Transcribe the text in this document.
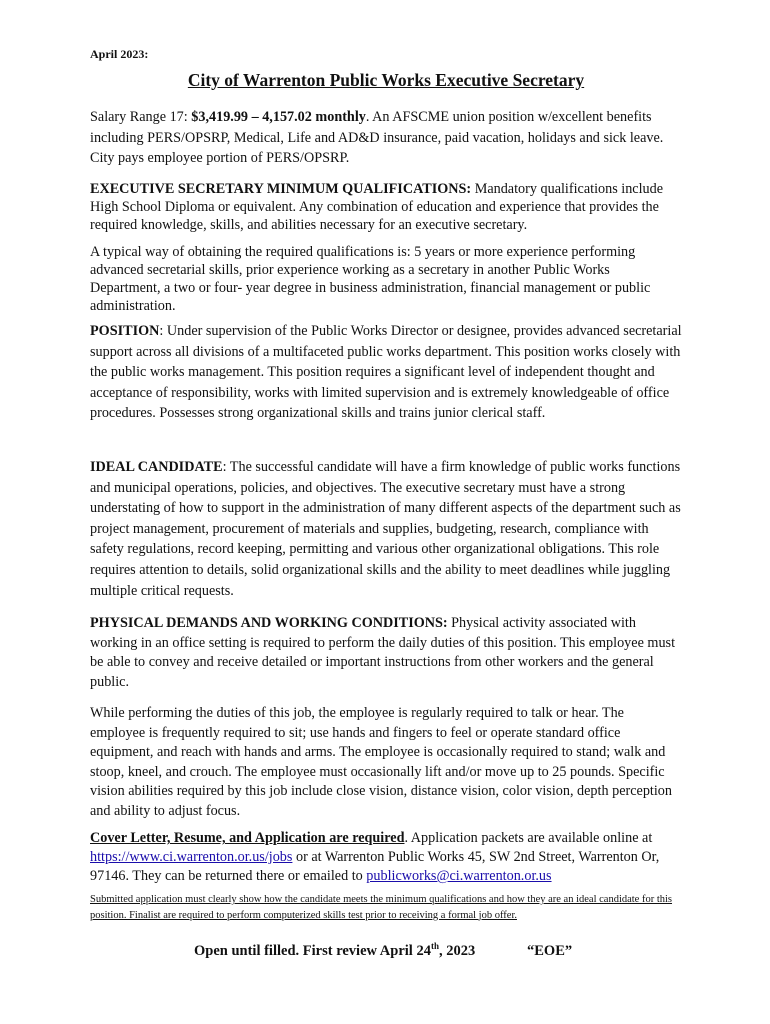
April 2023:
City of Warrenton Public Works Executive Secretary

Salary Range 17: $3,419.99 – 4,157.02 monthly. An AFSCME union position w/excellent benefits including PERS/OPSRP, Medical, Life and AD&D insurance, paid vacation, holidays and sick leave. City pays employee portion of PERS/OPSRP.

EXECUTIVE SECRETARY MINIMUM QUALIFICATIONS: Mandatory qualifications include High School Diploma or equivalent. Any combination of education and experience that provides the required knowledge, skills, and abilities necessary for an executive secretary.

A typical way of obtaining the required qualifications is: 5 years or more experience performing advanced secretarial skills, prior experience working as a secretary in another Public Works Department, a two or four- year degree in business administration, financial management or public administration.

POSITION: Under supervision of the Public Works Director or designee, provides advanced secretarial support across all divisions of a multifaceted public works department. This position works closely with the public works management. This position requires a significant level of independent thought and acceptance of responsibility, works with limited supervision and is extremely knowledgeable of office procedures. Possesses strong organizational skills and trains junior clerical staff.

IDEAL CANDIDATE: The successful candidate will have a firm knowledge of public works functions and municipal operations, policies, and objectives. The executive secretary must have a strong understating of how to support in the administration of many different aspects of the department such as project management, procurement of materials and supplies, budgeting, research, compliance with safety regulations, record keeping, permitting and various other organizational obligations. This role requires attention to details, solid organizational skills and the ability to meet deadlines while juggling multiple critical requests.

PHYSICAL DEMANDS AND WORKING CONDITIONS: Physical activity associated with working in an office setting is required to perform the daily duties of this position. This employee must be able to convey and receive detailed or important instructions from other workers and the general public.

While performing the duties of this job, the employee is regularly required to talk or hear. The employee is frequently required to sit; use hands and fingers to feel or operate standard office equipment, and reach with hands and arms. The employee is occasionally required to stand; walk and stoop, kneel, and crouch. The employee must occasionally lift and/or move up to 25 pounds. Specific vision abilities required by this job include close vision, distance vision, color vision, depth perception and ability to adjust focus.

Cover Letter, Resume, and Application are required. Application packets are available online at https://www.ci.warrenton.or.us/jobs or at Warrenton Public Works 45, SW 2nd Street, Warrenton Or, 97146. They can be returned there or emailed to publicworks@ci.warrenton.or.us

Submitted application must clearly show how the candidate meets the minimum qualifications and how they are an ideal candidate for this position. Finalist are required to perform computerized skills test prior to receiving a formal job offer.

Open until filled. First review April 24th, 2023	“EOE”
